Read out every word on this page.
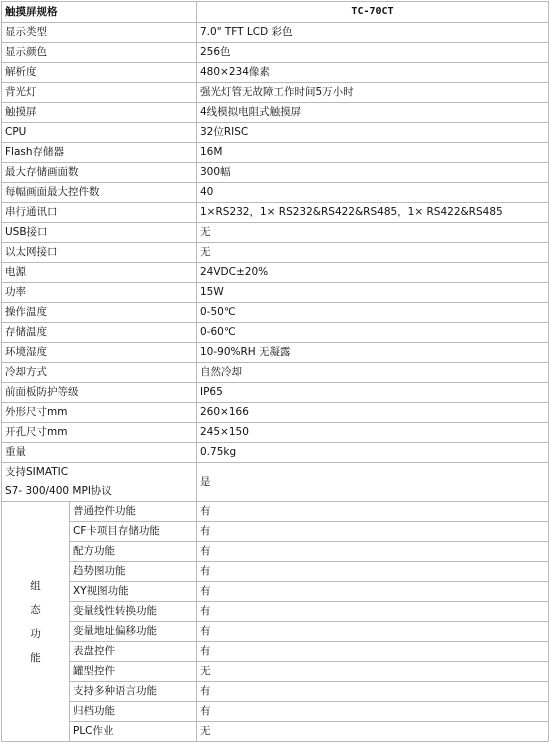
触摸屏规格		TC-70CT
显示类型		7.0" TFT LCD 彩色
显示颜色		256色
解析度		480×234像素
背光灯		强光灯管无故障工作时间5万小时
触摸屏		4线模拟电阻式触摸屏
CPU		32位RISC
Flash存储器		16M
最大存储画面数		300幅
每幅画面最大控件数		40
串行通讯口		1×RS232，1× RS232&RS422&RS485，1× RS422&RS485
USB接口		无
以太网接口		无
电源		24VDC±20%
功率		15W
操作温度		0-50℃
存储温度		0-60℃
环境湿度		10-90%RH 无凝露
冷却方式		自然冷却
前面板防护等级		IP65
外形尺寸mm		260×166
开孔尺寸mm		245×150
重量		0.75kg

支持SIMATIC
S7- 300/400 MPI协议		是

组
态
功
能	普通控件功能	有
	CF卡项目存储功能	有
	配方功能	有
	趋势图功能	有
	XY视图功能	有
	变量线性转换功能	有
	变量地址偏移功能	有
	表盘控件	有
	罐型控件	无
	支持多种语言功能	有
	归档功能	有
	PLC作业	无
